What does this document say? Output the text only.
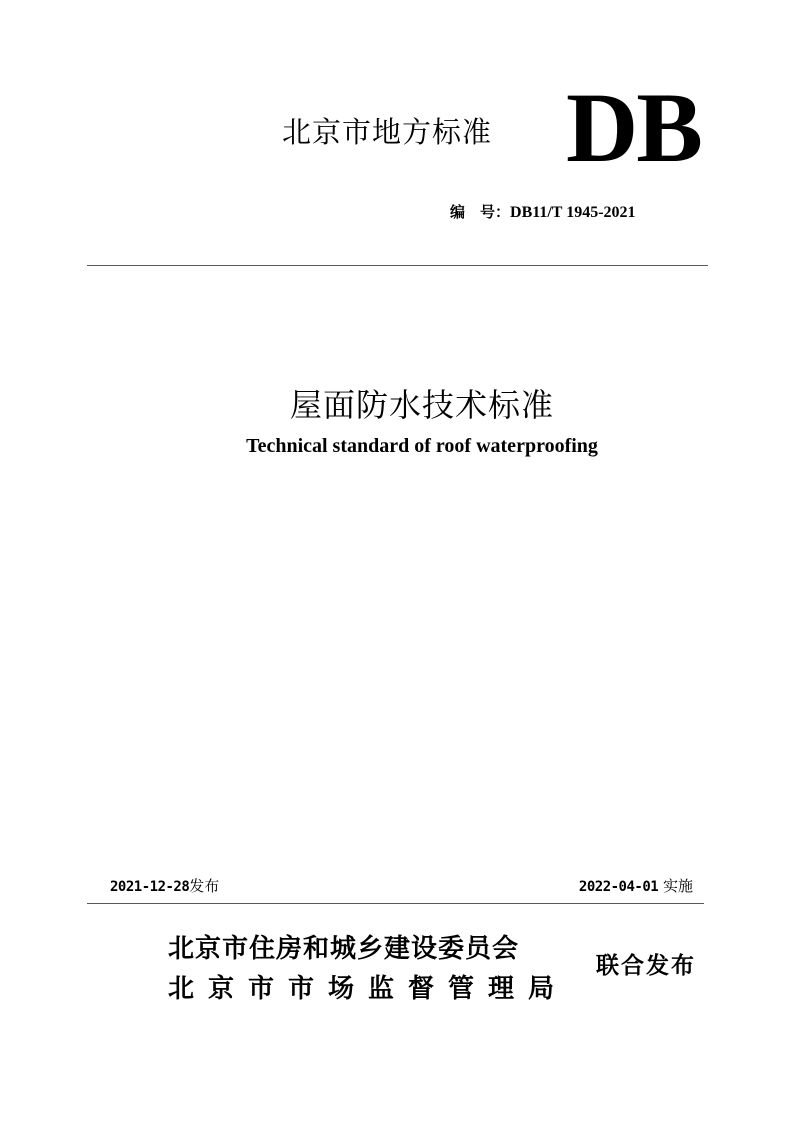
北京市地方标准 DB
编　号：DB11/T 1945-2021
屋面防水技术标准
Technical standard of roof waterproofing
2021-12-28发布	2022-04-01 实施
北京市住房和城乡建设委员会
北京市市场监督管理局
联合发布
